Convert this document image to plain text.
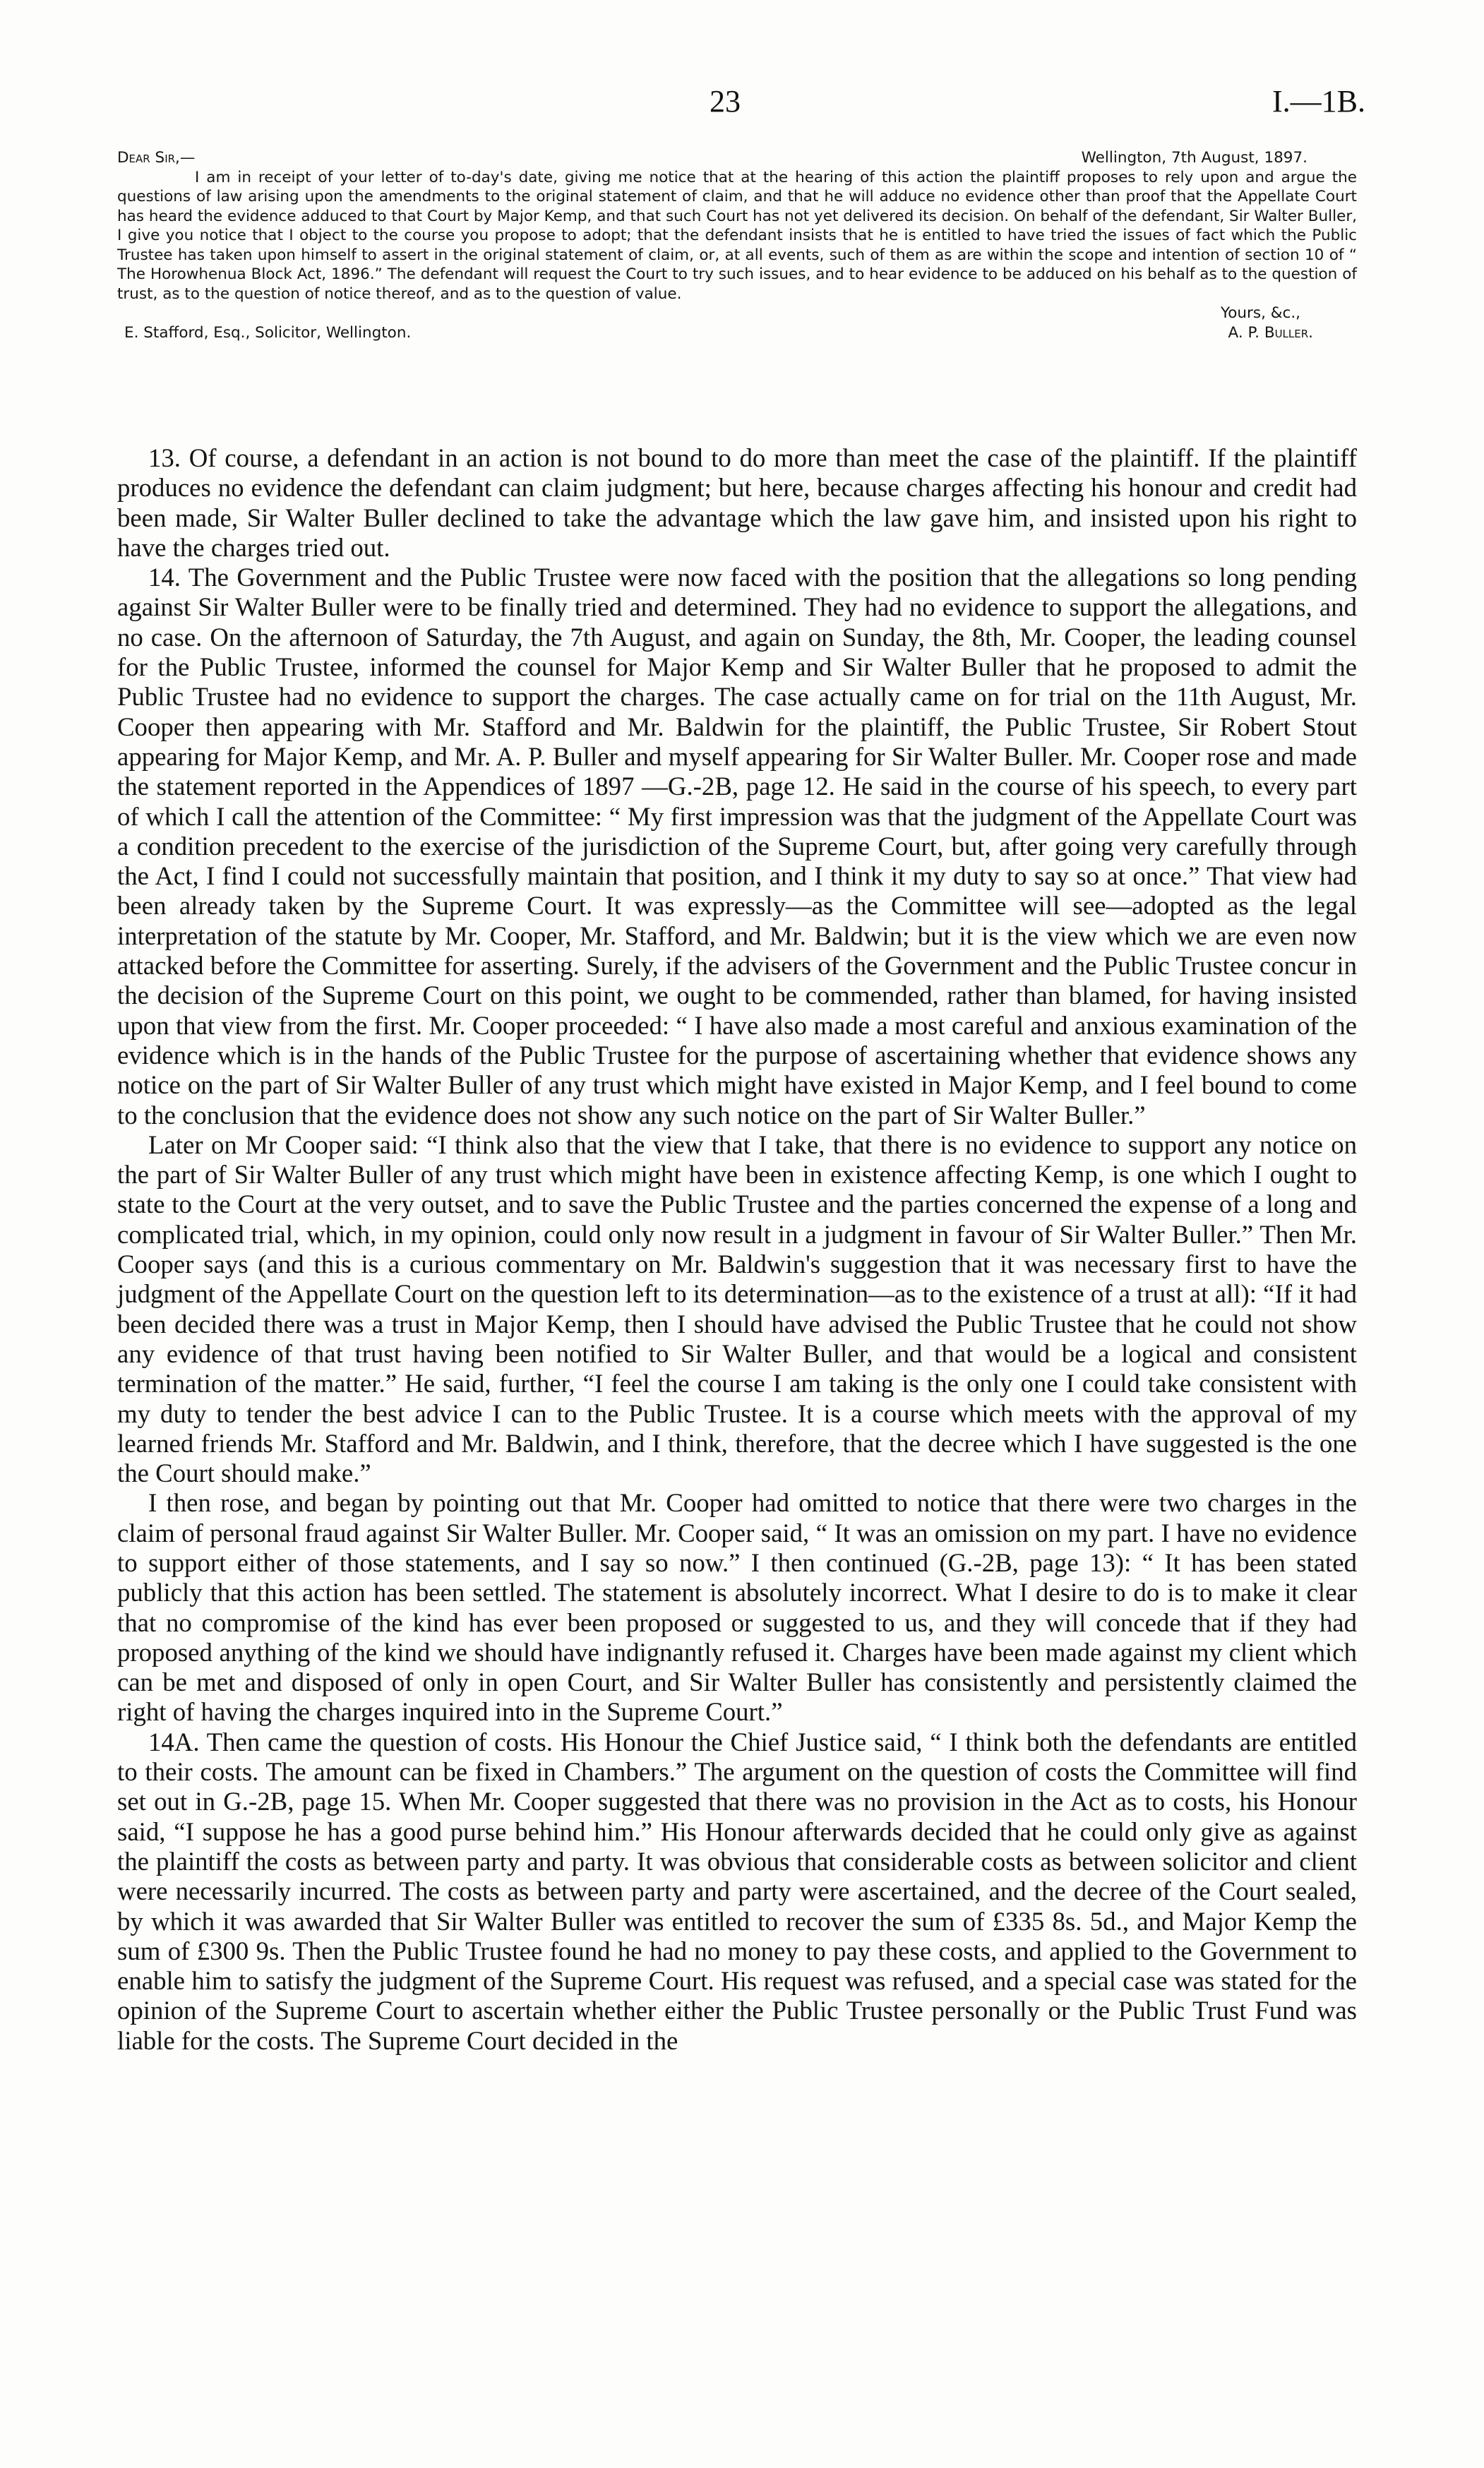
23	I.—1B.
Dear Sir,—	Wellington, 7th August, 1897.

I am in receipt of your letter of to-day's date, giving me notice that at the hearing of this action the plaintiff proposes to rely upon and argue the questions of law arising upon the amendments to the original statement of claim, and that he will adduce no evidence other than proof that the Appellate Court has heard the evidence adduced to that Court by Major Kemp, and that such Court has not yet delivered its decision. On behalf of the defendant, Sir Walter Buller, I give you notice that I object to the course you propose to adopt; that the defendant insists that he is entitled to have tried the issues of fact which the Public Trustee has taken upon himself to assert in the original statement of claim, or, at all events, such of them as are within the scope and intention of section 10 of “ The Horowhenua Block Act, 1896.” The defendant will request the Court to try such issues, and to hear evidence to be adduced on his behalf as to the question of trust, as to the question of notice thereof, and as to the question of value.

Yours, &c.,
E. Stafford, Esq., Solicitor, Wellington.	A. P. Buller.

13. Of course, a defendant in an action is not bound to do more than meet the case of the plaintiff. If the plaintiff produces no evidence the defendant can claim judgment; but here, because charges affecting his honour and credit had been made, Sir Walter Buller declined to take the advantage which the law gave him, and insisted upon his right to have the charges tried out.

14. The Government and the Public Trustee were now faced with the position that the allegations so long pending against Sir Walter Buller were to be finally tried and determined. They had no evidence to support the allegations, and no case. On the afternoon of Saturday, the 7th August, and again on Sunday, the 8th, Mr. Cooper, the leading counsel for the Public Trustee, informed the counsel for Major Kemp and Sir Walter Buller that he proposed to admit the Public Trustee had no evidence to support the charges. The case actually came on for trial on the 11th August, Mr. Cooper then appearing with Mr. Stafford and Mr. Baldwin for the plaintiff, the Public Trustee, Sir Robert Stout appearing for Major Kemp, and Mr. A. P. Buller and myself appearing for Sir Walter Buller. Mr. Cooper rose and made the statement reported in the Appendices of 1897 —G.-2B, page 12. He said in the course of his speech, to every part of which I call the attention of the Committee: “ My first impression was that the judgment of the Appellate Court was a condition precedent to the exercise of the jurisdiction of the Supreme Court, but, after going very carefully through the Act, I find I could not successfully maintain that position, and I think it my duty to say so at once.” That view had been already taken by the Supreme Court. It was expressly—as the Committee will see—adopted as the legal interpretation of the statute by Mr. Cooper, Mr. Stafford, and Mr. Baldwin; but it is the view which we are even now attacked before the Committee for asserting. Surely, if the advisers of the Government and the Public Trustee concur in the decision of the Supreme Court on this point, we ought to be commended, rather than blamed, for having insisted upon that view from the first. Mr. Cooper proceeded: “ I have also made a most careful and anxious examination of the evidence which is in the hands of the Public Trustee for the purpose of ascertaining whether that evidence shows any notice on the part of Sir Walter Buller of any trust which might have existed in Major Kemp, and I feel bound to come to the conclusion that the evidence does not show any such notice on the part of Sir Walter Buller.”

Later on Mr Cooper said: “I think also that the view that I take, that there is no evidence to support any notice on the part of Sir Walter Buller of any trust which might have been in existence affecting Kemp, is one which I ought to state to the Court at the very outset, and to save the Public Trustee and the parties concerned the expense of a long and complicated trial, which, in my opinion, could only now result in a judgment in favour of Sir Walter Buller.” Then Mr. Cooper says (and this is a curious commentary on Mr. Baldwin's suggestion that it was necessary first to have the judgment of the Appellate Court on the question left to its determination—as to the existence of a trust at all): “If it had been decided there was a trust in Major Kemp, then I should have advised the Public Trustee that he could not show any evidence of that trust having been notified to Sir Walter Buller, and that would be a logical and consistent termination of the matter.” He said, further, “I feel the course I am taking is the only one I could take consistent with my duty to tender the best advice I can to the Public Trustee. It is a course which meets with the approval of my learned friends Mr. Stafford and Mr. Baldwin, and I think, therefore, that the decree which I have suggested is the one the Court should make.”

I then rose, and began by pointing out that Mr. Cooper had omitted to notice that there were two charges in the claim of personal fraud against Sir Walter Buller. Mr. Cooper said, “ It was an omission on my part. I have no evidence to support either of those statements, and I say so now.” I then continued (G.-2B, page 13): “ It has been stated publicly that this action has been settled. The statement is absolutely incorrect. What I desire to do is to make it clear that no compromise of the kind has ever been proposed or suggested to us, and they will concede that if they had proposed anything of the kind we should have indignantly refused it. Charges have been made against my client which can be met and disposed of only in open Court, and Sir Walter Buller has consistently and persistently claimed the right of having the charges inquired into in the Supreme Court.”

14A. Then came the question of costs. His Honour the Chief Justice said, “ I think both the defendants are entitled to their costs. The amount can be fixed in Chambers.” The argument on the question of costs the Committee will find set out in G.-2B, page 15. When Mr. Cooper suggested that there was no provision in the Act as to costs, his Honour said, “I suppose he has a good purse behind him.” His Honour afterwards decided that he could only give as against the plaintiff the costs as between party and party. It was obvious that considerable costs as between solicitor and client were necessarily incurred. The costs as between party and party were ascertained, and the decree of the Court sealed, by which it was awarded that Sir Walter Buller was entitled to recover the sum of £335 8s. 5d., and Major Kemp the sum of £300 9s. Then the Public Trustee found he had no money to pay these costs, and applied to the Government to enable him to satisfy the judgment of the Supreme Court. His request was refused, and a special case was stated for the opinion of the Supreme Court to ascertain whether either the Public Trustee personally or the Public Trust Fund was liable for the costs. The Supreme Court decided in the
